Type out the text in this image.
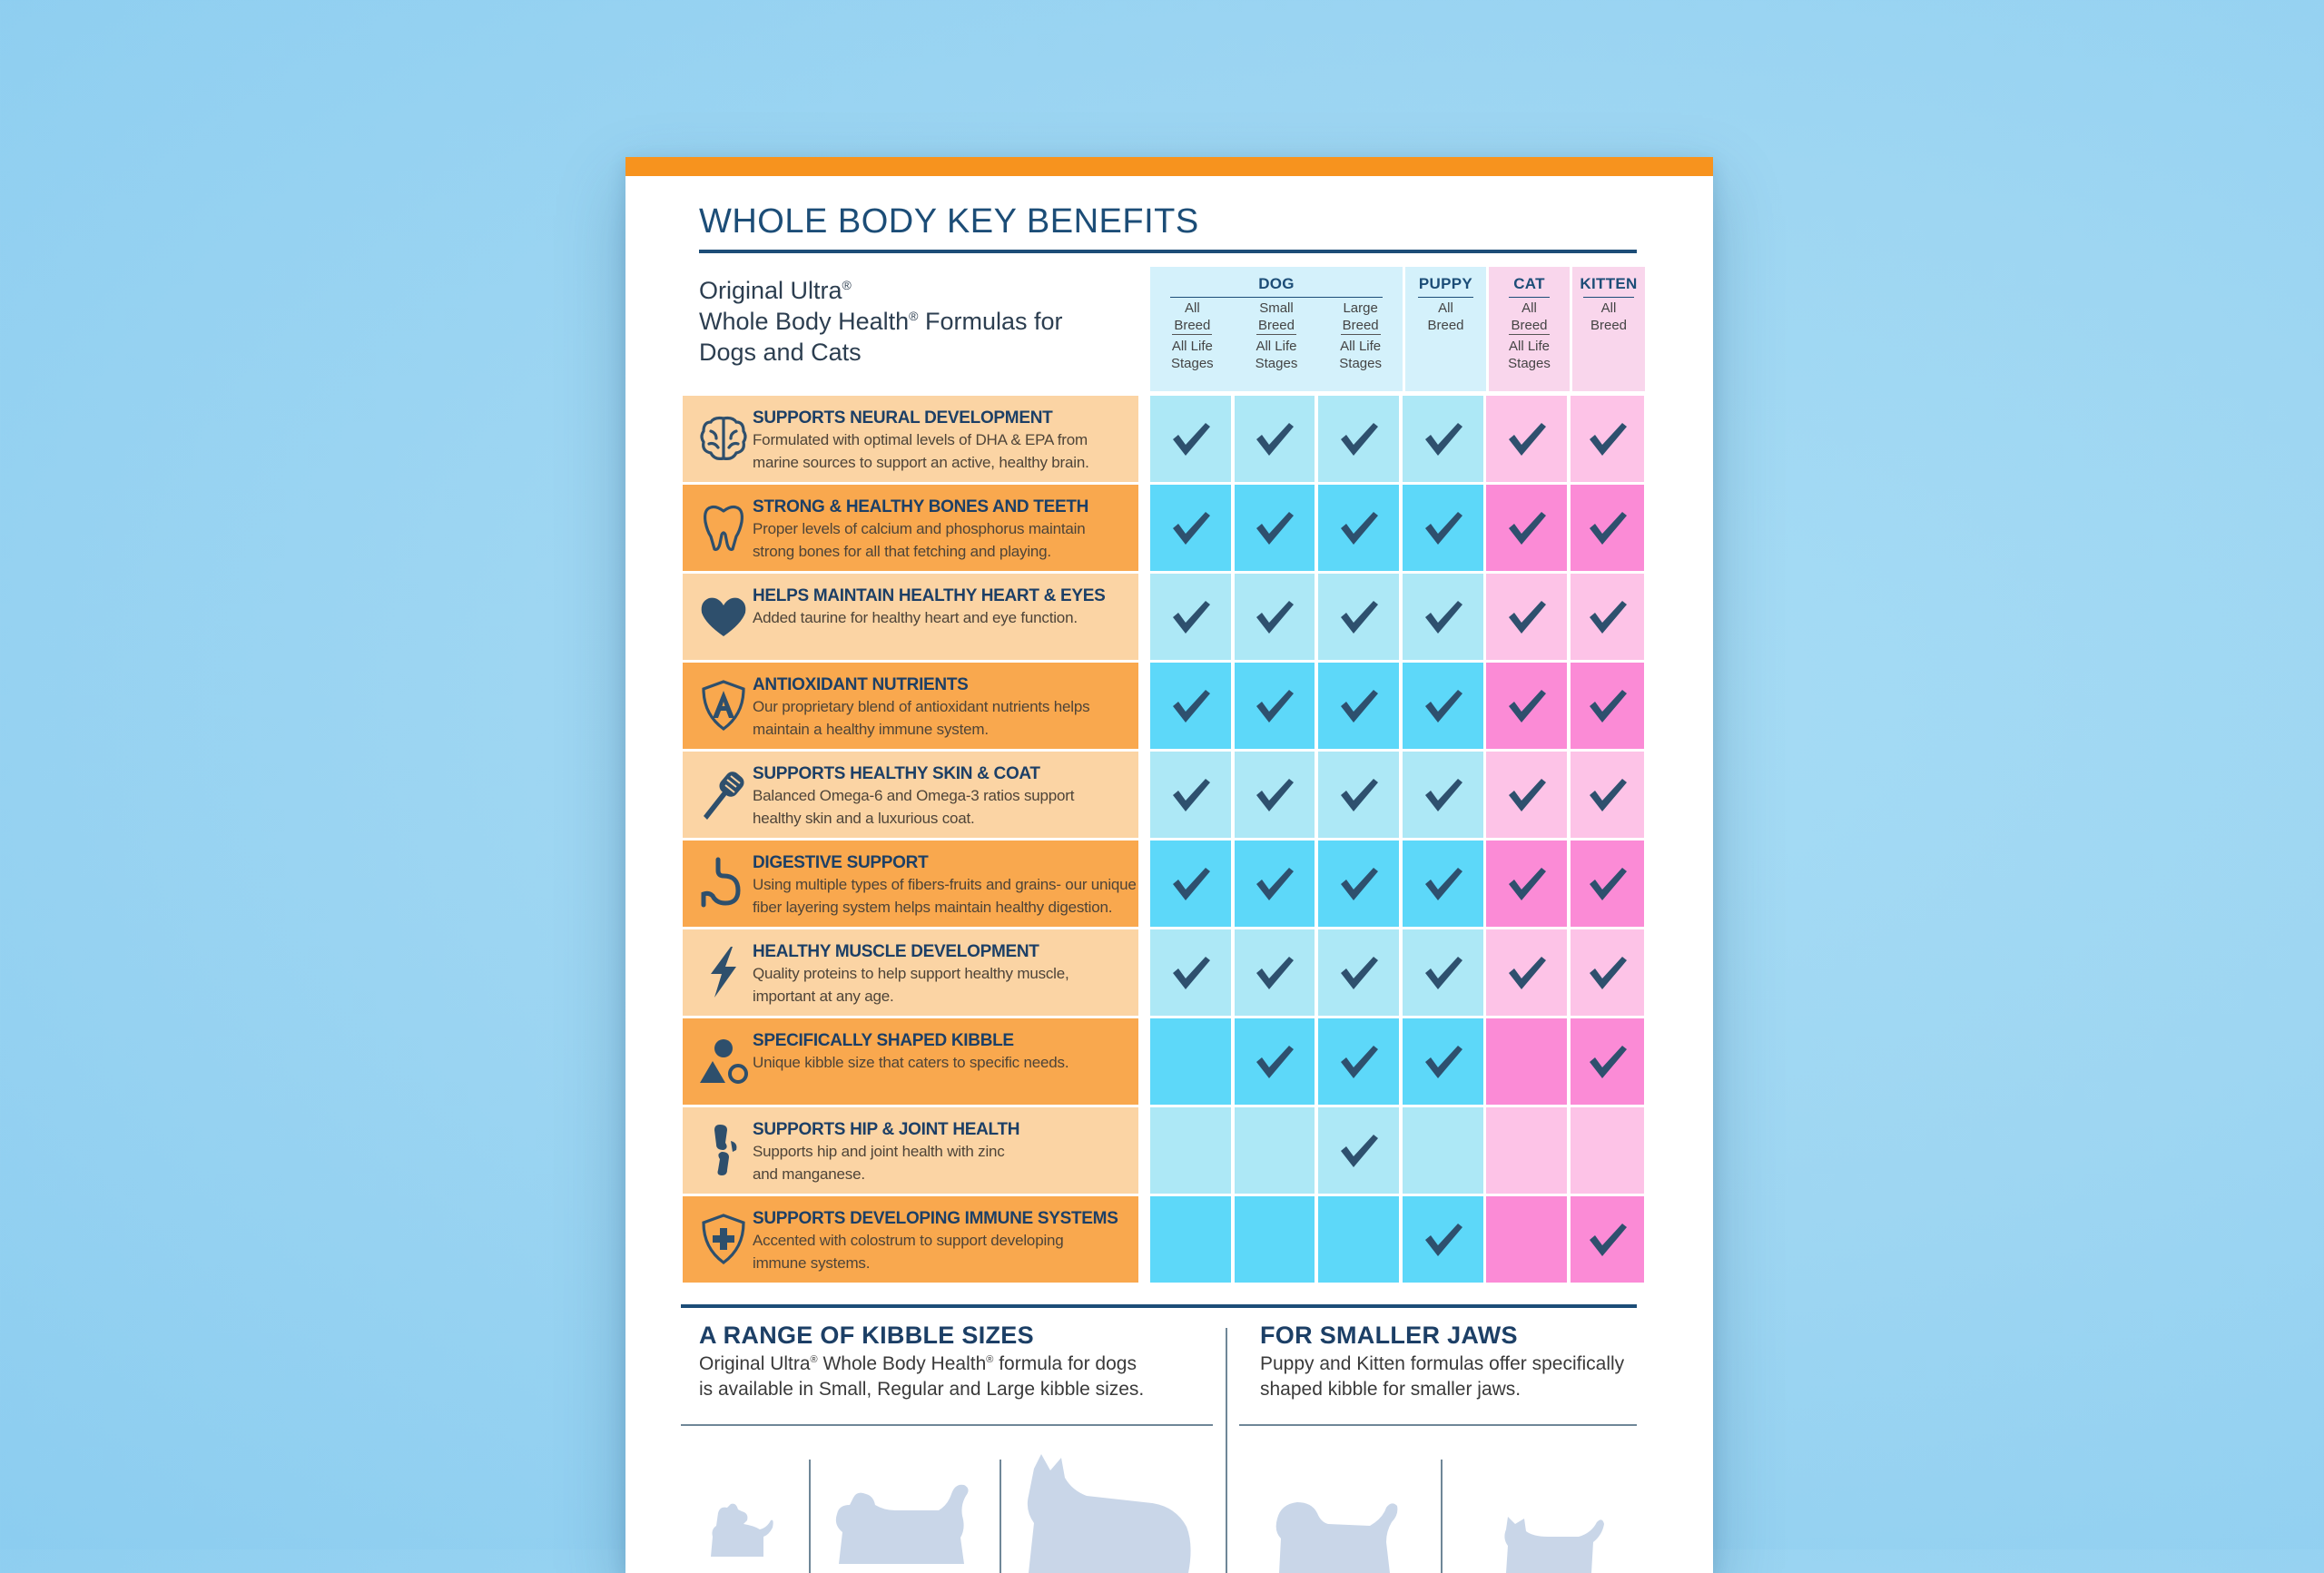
WHOLE BODY KEY BENEFITS
Original Ultra®
Whole Body Health® Formulas for
Dogs and Cats
DOG
All
Breed
All Life
Stages
Small
Breed
All Life
Stages
Large
Breed
All Life
Stages
PUPPY
All
Breed
CAT
All
Breed
All Life
Stages
KITTEN
All
Breed
SUPPORTS NEURAL DEVELOPMENT
Formulated with optimal levels of DHA & EPA from
marine sources to support an active, healthy brain.
STRONG & HEALTHY BONES AND TEETH
Proper levels of calcium and phosphorus maintain
strong bones for all that fetching and playing.
HELPS MAINTAIN HEALTHY HEART & EYES
Added taurine for healthy heart and eye function.
ANTIOXIDANT NUTRIENTS
Our proprietary blend of antioxidant nutrients helps
maintain a healthy immune system.
SUPPORTS HEALTHY SKIN & COAT
Balanced Omega-6 and Omega-3 ratios support
healthy skin and a luxurious coat.
DIGESTIVE SUPPORT
Using multiple types of fibers-fruits and grains- our unique
fiber layering system helps maintain healthy digestion.
HEALTHY MUSCLE DEVELOPMENT
Quality proteins to help support healthy muscle,
important at any age.
SPECIFICALLY SHAPED KIBBLE
Unique kibble size that caters to specific needs.
SUPPORTS HIP & JOINT HEALTH
Supports hip and joint health with zinc
and manganese.
SUPPORTS DEVELOPING IMMUNE SYSTEMS
Accented with colostrum to support developing
immune systems.
A RANGE OF KIBBLE SIZES
Original Ultra® Whole Body Health® formula for dogs
is available in Small, Regular and Large kibble sizes.
FOR SMALLER JAWS
Puppy and Kitten formulas offer specifically
shaped kibble for smaller jaws.
